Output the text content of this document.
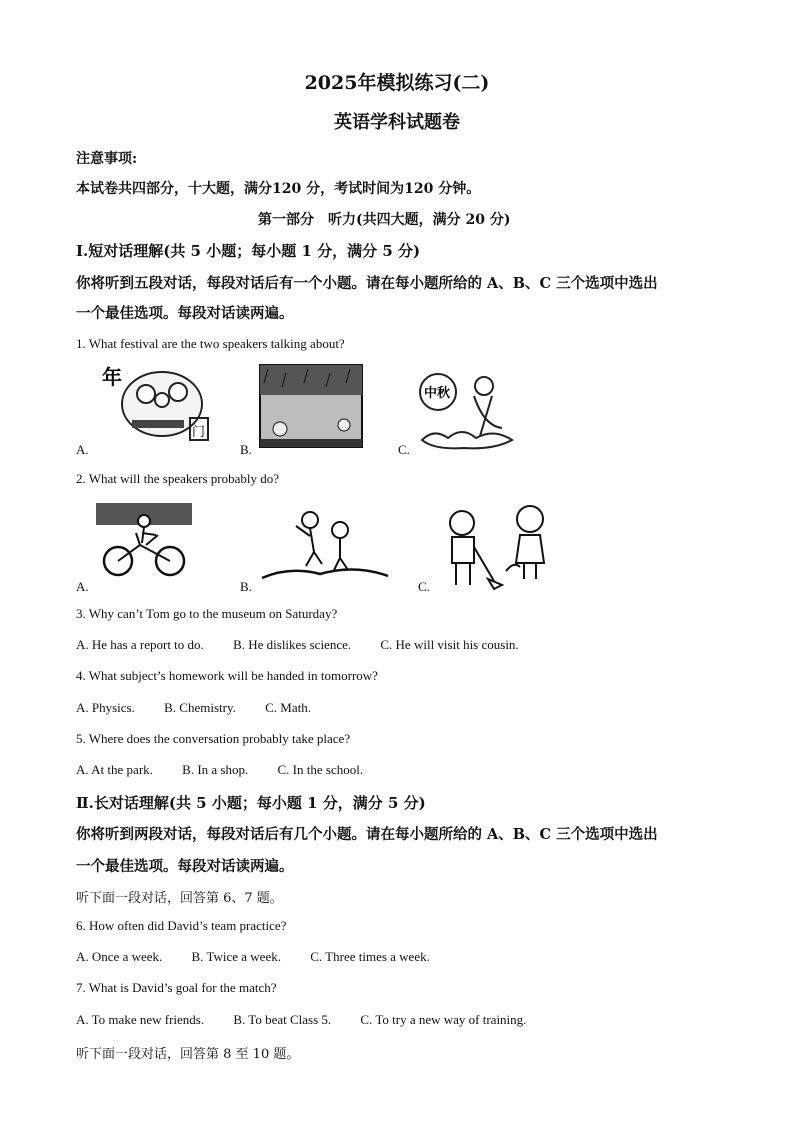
2025年模拟练习(二)
英语学科试题卷
注意事项:
本试卷共四部分，十大题，满分120 分，考试时间为120 分钟。
第一部分　听力(共四大题，满分 20 分)
Ⅰ.短对话理解(共 5 小题；每小题 1 分，满分 5 分)
你将听到五段对话，每段对话后有一个小题。请在每小题所给的 A、B、C 三个选项中选出
一个最佳选项。每段对话读两遍。
1. What festival are the two speakers talking about?
年
门
A.	B.
中秋
C.
2. What will the speakers probably do?
A.	B.	C.
3. Why can’t Tom go to the museum on Saturday?
A. He has a report to do. B. He dislikes science. C. He will visit his cousin.
4. What subject’s homework will be handed in tomorrow?
A. Physics. B. Chemistry. C. Math.
5. Where does the conversation probably take place?
A. At the park. B. In a shop. C. In the school.
Ⅱ.长对话理解(共 5 小题；每小题 1 分，满分 5 分)
你将听到两段对话，每段对话后有几个小题。请在每小题所给的 A、B、C 三个选项中选出
一个最佳选项。每段对话读两遍。
听下面一段对话，回答第 6、7 题。
6. How often did David’s team practice?
A. Once a week. B. Twice a week. C. Three times a week.
7. What is David’s goal for the match?
A. To make new friends. B. To beat Class 5. C. To try a new way of training.
听下面一段对话，回答第 8 至 10 题。
